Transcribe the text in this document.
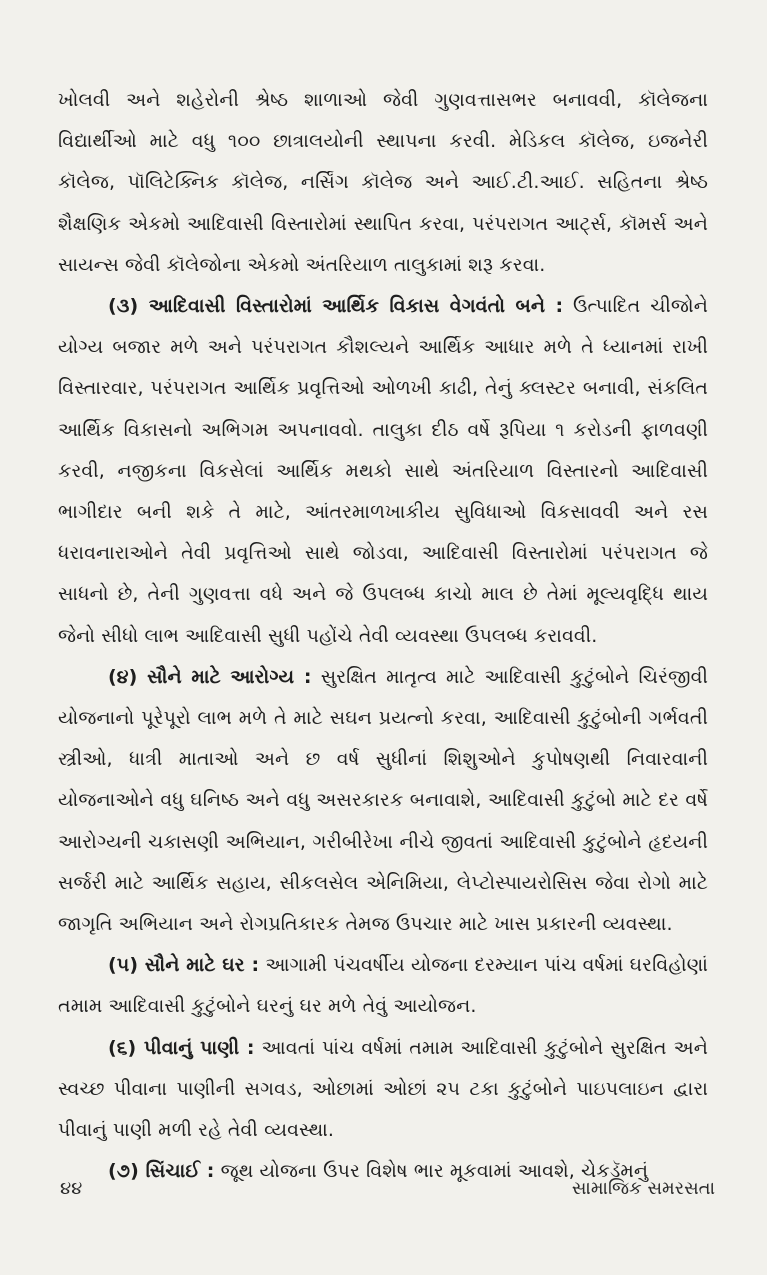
ખોલવી અને શહેરોની શ્રેષ્ઠ શાળાઓ જેવી ગુણવત્તાસભર બનાવવી, કૉલેજના વિદ્યાર્થીઓ માટે વધુ ૧૦૦ છાત્રાલયોની સ્થાપના કરવી. મેડિકલ કૉલેજ, ઇજનેરી કૉલેજ, પૉલિટેક્નિક કૉલેજ, નર્સિંગ કૉલેજ અને આઈ.ટી.આઈ. સહિતના શ્રેષ્ઠ શૈક્ષણિક એકમો આદિવાસી વિસ્તારોમાં સ્થાપિત કરવા, પરંપરાગત આર્ટ્સ, કૉમર્સ અને સાયન્સ જેવી કૉલેજોના એકમો અંતરિયાળ તાલુકામાં શરૂ કરવા.

(૩) આદિવાસી વિસ્તારોમાં આર્થિક વિકાસ વેગવંતો બને : ઉત્પાદિત ચીજોને યોગ્ય બજાર મળે અને પરંપરાગત કૌશલ્યને આર્થિક આધાર મળે તે ધ્યાનમાં રાખી વિસ્તારવાર, પરંપરાગત આર્થિક પ્રવૃત્તિઓ ઓળખી કાઢી, તેનું ક્લસ્ટર બનાવી, સંકલિત આર્થિક વિકાસનો અભિગમ અપનાવવો. તાલુકા દીઠ વર્ષે રૂપિયા ૧ કરોડની ફાળવણી કરવી, નજીકના વિકસેલાં આર્થિક મથકો સાથે અંતરિયાળ વિસ્તારનો આદિવાસી ભાગીદાર બની શકે તે માટે, આંતરમાળખાકીય સુવિધાઓ વિકસાવવી અને રસ ધરાવનારાઓને તેવી પ્રવૃત્તિઓ સાથે જોડવા, આદિવાસી વિસ્તારોમાં પરંપરાગત જે સાધનો છે, તેની ગુણવત્તા વધે અને જે ઉપલબ્ધ કાચો માલ છે તેમાં મૂલ્યવૃદ્ધિ થાય જેનો સીધો લાભ આદિવાસી સુધી પહોંચે તેવી વ્યવસ્થા ઉપલબ્ધ કરાવવી.

(૪) સૌને માટે આરોગ્ય : સુરક્ષિત માતૃત્વ માટે આદિવાસી કુટુંબોને ચિરંજીવી યોજનાનો પૂરેપૂરો લાભ મળે તે માટે સઘન પ્રયત્નો કરવા, આદિવાસી કુટુંબોની ગર્ભવતી સ્ત્રીઓ, ધાત્રી માતાઓ અને છ વર્ષ સુધીનાં શિશુઓને કુપોષણથી નિવારવાની યોજનાઓને વધુ ઘનિષ્ઠ અને વધુ અસરકારક બનાવાશે, આદિવાસી કુટુંબો માટે દર વર્ષે આરોગ્યની ચકાસણી અભિયાન, ગરીબીરેખા નીચે જીવતાં આદિવાસી કુટુંબોને હૃદયની સર્જરી માટે આર્થિક સહાય, સીકલસેલ એનિમિયા, લેપ્ટોસ્પાયરોસિસ જેવા રોગો માટે જાગૃતિ અભિયાન અને રોગપ્રતિકારક તેમજ ઉપચાર માટે ખાસ પ્રકારની વ્યવસ્થા.

(૫) સૌને માટે ઘર : આગામી પંચવર્ષીય યોજના દરમ્યાન પાંચ વર્ષમાં ઘરવિહોણાં તમામ આદિવાસી કુટુંબોને ઘરનું ઘર મળે તેવું આયોજન.

(૬) પીવાનું પાણી : આવતાં પાંચ વર્ષમાં તમામ આદિવાસી કુટુંબોને સુરક્ષિત અને સ્વચ્છ પીવાના પાણીની સગવડ, ઓછામાં ઓછાં ૨૫ ટકા કુટુંબોને પાઇપલાઇન દ્વારા પીવાનું પાણી મળી રહે તેવી વ્યવસ્થા.

(૭) સિંચાઈ : જૂથ યોજના ઉપર વિશેષ ભાર મૂકવામાં આવશે, ચેકડૅમનું

૪૪	સામાજિક સમરસતા
